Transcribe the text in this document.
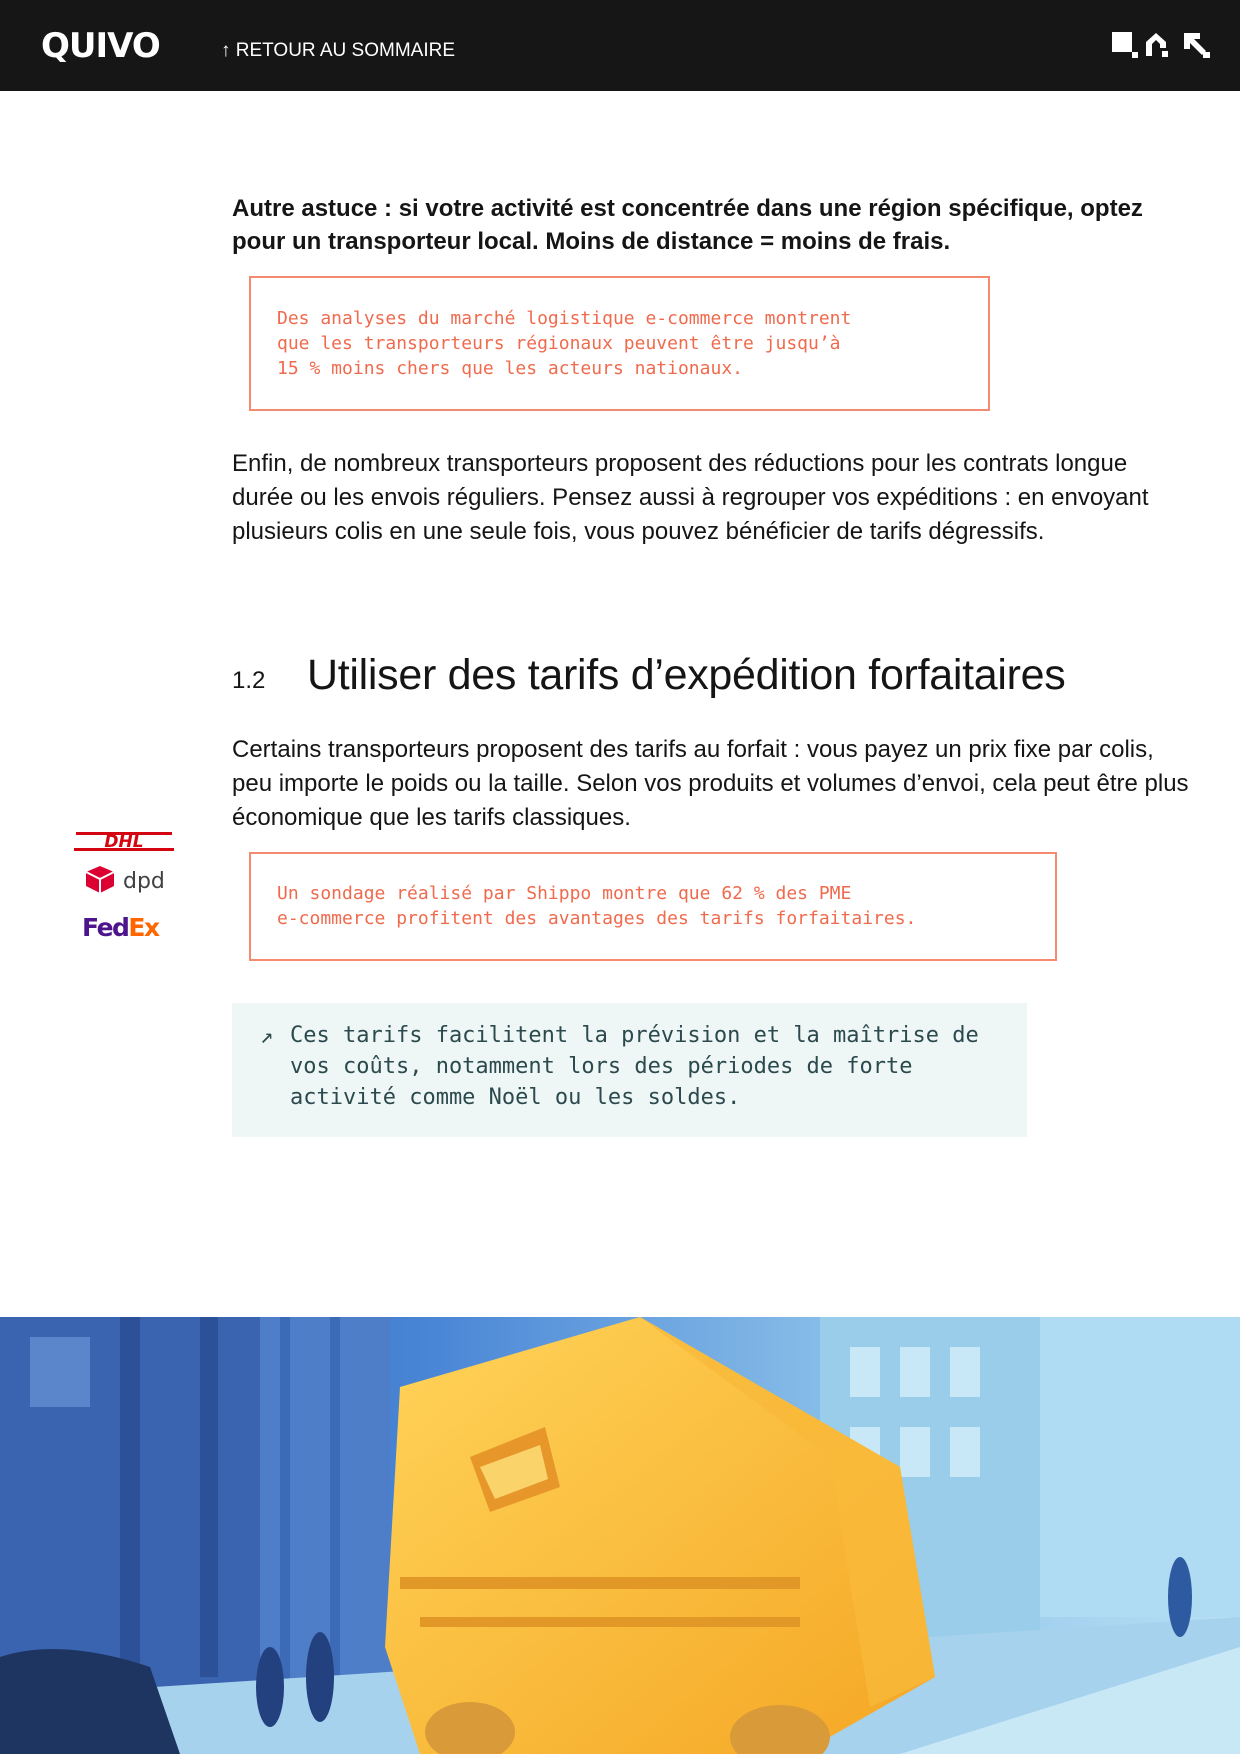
QUIVO	↑ RETOUR AU SOMMAIRE

Autre astuce : si votre activité est concentrée dans une région spécifique, optez pour un transporteur local. Moins de distance = moins de frais.

Des analyses du marché logistique e-commerce montrent
que les transporteurs régionaux peuvent être jusqu’à
15 % moins chers que les acteurs nationaux.

Enfin, de nombreux transporteurs proposent des réductions pour les contrats longue durée ou les envois réguliers. Pensez aussi à regrouper vos expéditions : en envoyant plusieurs colis en une seule fois, vous pouvez bénéficier de tarifs dégressifs.

1.2 Utiliser des tarifs d’expédition forfaitaires

Certains transporteurs proposent des tarifs au forfait : vous payez un prix fixe par colis, peu importe le poids ou la taille. Selon vos produits et volumes d’envoi, cela peut être plus économique que les tarifs classiques.

DHL
dpd
FedEx

Un sondage réalisé par Shippo montre que 62 % des PME
e-commerce profitent des avantages des tarifs forfaitaires.

↗ Ces tarifs facilitent la prévision et la maîtrise de vos coûts, notamment lors des périodes de forte activité comme Noël ou les soldes.
